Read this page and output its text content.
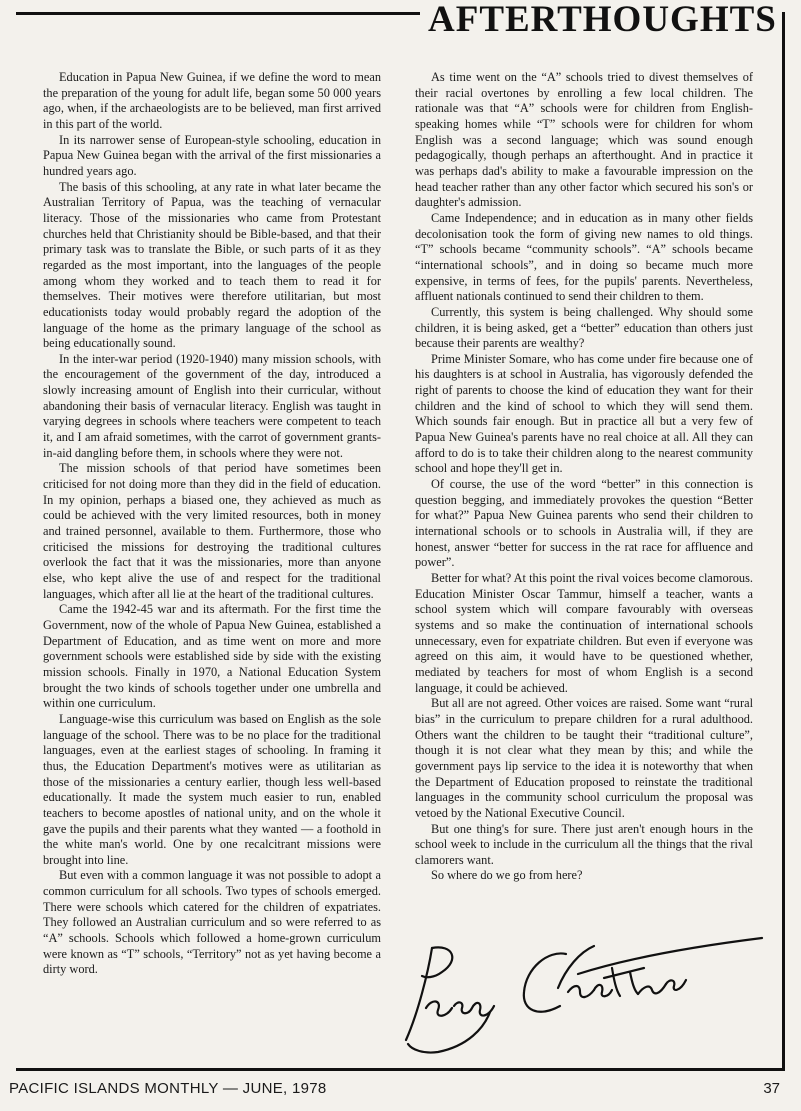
AFTERTHOUGHTS

Education in Papua New Guinea, if we define the word to mean the preparation of the young for adult life, began some 50 000 years ago, when, if the archaeologists are to be believed, man first arrived in this part of the world.

In its narrower sense of European-style schooling, education in Papua New Guinea began with the arrival of the first missionaries a hundred years ago.

The basis of this schooling, at any rate in what later became the Australian Territory of Papua, was the teaching of vernacular literacy. Those of the missionaries who came from Protestant churches held that Christianity should be Bible-based, and that their primary task was to translate the Bible, or such parts of it as they regarded as the most important, into the languages of the people among whom they worked and to teach them to read it for themselves. Their motives were therefore utilitarian, but most educationists today would probably regard the adoption of the language of the home as the primary language of the school as being educationally sound.

In the inter-war period (1920-1940) many mission schools, with the encouragement of the government of the day, introduced a slowly increasing amount of English into their curricular, without abandoning their basis of vernacular literacy. English was taught in varying degrees in schools where teachers were competent to teach it, and I am afraid sometimes, with the carrot of government grants-in-aid dangling before them, in schools where they were not.

The mission schools of that period have sometimes been criticised for not doing more than they did in the field of education. In my opinion, perhaps a biased one, they achieved as much as could be achieved with the very limited resources, both in money and trained personnel, available to them. Furthermore, those who criticised the missions for destroying the traditional cultures overlook the fact that it was the missionaries, more than anyone else, who kept alive the use of and respect for the traditional languages, which after all lie at the heart of the traditional cultures.

Came the 1942-45 war and its aftermath. For the first time the Government, now of the whole of Papua New Guinea, established a Department of Education, and as time went on more and more government schools were established side by side with the existing mission schools. Finally in 1970, a National Education System brought the two kinds of schools together under one umbrella and within one curriculum.

Language-wise this curriculum was based on English as the sole language of the school. There was to be no place for the traditional languages, even at the earliest stages of schooling. In framing it thus, the Education Department's motives were as utilitarian as those of the missionaries a century earlier, though less well-based educationally. It made the system much easier to run, enabled teachers to become apostles of national unity, and on the whole it gave the pupils and their parents what they wanted — a foothold in the white man's world. One by one recalcitrant missions were brought into line.

But even with a common language it was not possible to adopt a common curriculum for all schools. Two types of schools emerged. There were schools which catered for the children of expatriates. They followed an Australian curriculum and so were referred to as “A” schools. Schools which followed a home-grown curriculum were known as “T” schools, “Territory” not as yet having become a dirty word.

As time went on the “A” schools tried to divest themselves of their racial overtones by enrolling a few local children. The rationale was that “A” schools were for children from English-speaking homes while “T” schools were for children for whom English was a second language; which was sound enough pedagogically, though perhaps an afterthought. And in practice it was perhaps dad's ability to make a favourable impression on the head teacher rather than any other factor which secured his son's or daughter's admission.

Came Independence; and in education as in many other fields decolonisation took the form of giving new names to old things. “T” schools became “community schools”. “A” schools became “international schools”, and in doing so became much more expensive, in terms of fees, for the pupils' parents. Nevertheless, affluent nationals continued to send their children to them.

Currently, this system is being challenged. Why should some children, it is being asked, get a “better” education than others just because their parents are wealthy?

Prime Minister Somare, who has come under fire because one of his daughters is at school in Australia, has vigorously defended the right of parents to choose the kind of education they want for their children and the kind of school to which they will send them. Which sounds fair enough. But in practice all but a very few of Papua New Guinea's parents have no real choice at all. All they can afford to do is to take their children along to the nearest community school and hope they'll get in.

Of course, the use of the word “better” in this connection is question begging, and immediately provokes the question “Better for what?” Papua New Guinea parents who send their children to international schools or to schools in Australia will, if they are honest, answer “better for success in the rat race for affluence and power”.

Better for what? At this point the rival voices become clamorous. Education Minister Oscar Tammur, himself a teacher, wants a school system which will compare favourably with overseas systems and so make the continuation of international schools unnecessary, even for expatriate children. But even if everyone was agreed on this aim, it would have to be questioned whether, mediated by teachers for most of whom English is a second language, it could be achieved.

But all are not agreed. Other voices are raised. Some want “rural bias” in the curriculum to prepare children for a rural adulthood. Others want the children to be taught their “traditional culture”, though it is not clear what they mean by this; and while the government pays lip service to the idea it is noteworthy that when the Department of Education proposed to reinstate the traditional languages in the community school curriculum the proposal was vetoed by the National Executive Council.

But one thing's for sure. There just aren't enough hours in the school week to include in the curriculum all the things that the rival clamorers want.

So where do we go from here?

PACIFIC ISLANDS MONTHLY — JUNE, 1978	37
